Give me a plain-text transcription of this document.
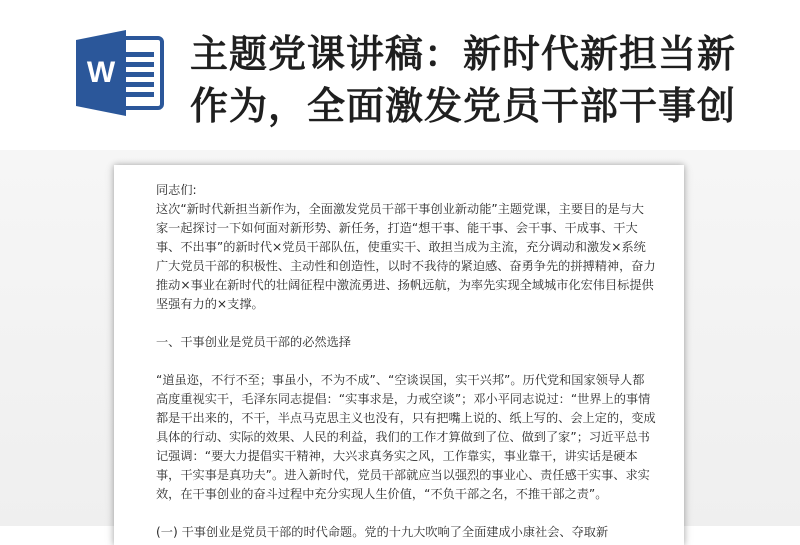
W 主题党课讲稿：新时代新担当新作为，全面激发党员干部干事创

同志们:

这次“新时代新担当新作为，全面激发党员干部干事创业新动能”主题党课，主要目的是与大家一起探讨一下如何面对新形势、新任务，打造“想干事、能干事、会干事、干成事、干大事、不出事”的新时代×党员干部队伍，使重实干、敢担当成为主流，充分调动和激发×系统广大党员干部的积极性、主动性和创造性，以时不我待的紧迫感、奋勇争先的拼搏精神，奋力推动×事业在新时代的壮阔征程中激流勇进、扬帆远航，为率先实现全域城市化宏伟目标提供坚强有力的×支撑。

一、干事创业是党员干部的必然选择

“道虽迩，不行不至；事虽小，不为不成”、“空谈误国，实干兴邦”。历代党和国家领导人都高度重视实干，毛泽东同志提倡：“实事求是，力戒空谈”；邓小平同志说过：“世界上的事情都是干出来的，不干，半点马克思主义也没有，只有把嘴上说的、纸上写的、会上定的，变成具体的行动、实际的效果、人民的利益，我们的工作才算做到了位、做到了家”；习近平总书记强调：“要大力提倡实干精神，大兴求真务实之风，工作靠实，事业靠干，讲实话是硬本事，干实事是真功夫”。进入新时代，党员干部就应当以强烈的事业心、责任感干实事、求实效，在干事创业的奋斗过程中充分实现人生价值，“不负干部之名，不推干部之责”。

(一) 干事创业是党员干部的时代命题。党的十九大吹响了全面建成小康社会、夺取新
